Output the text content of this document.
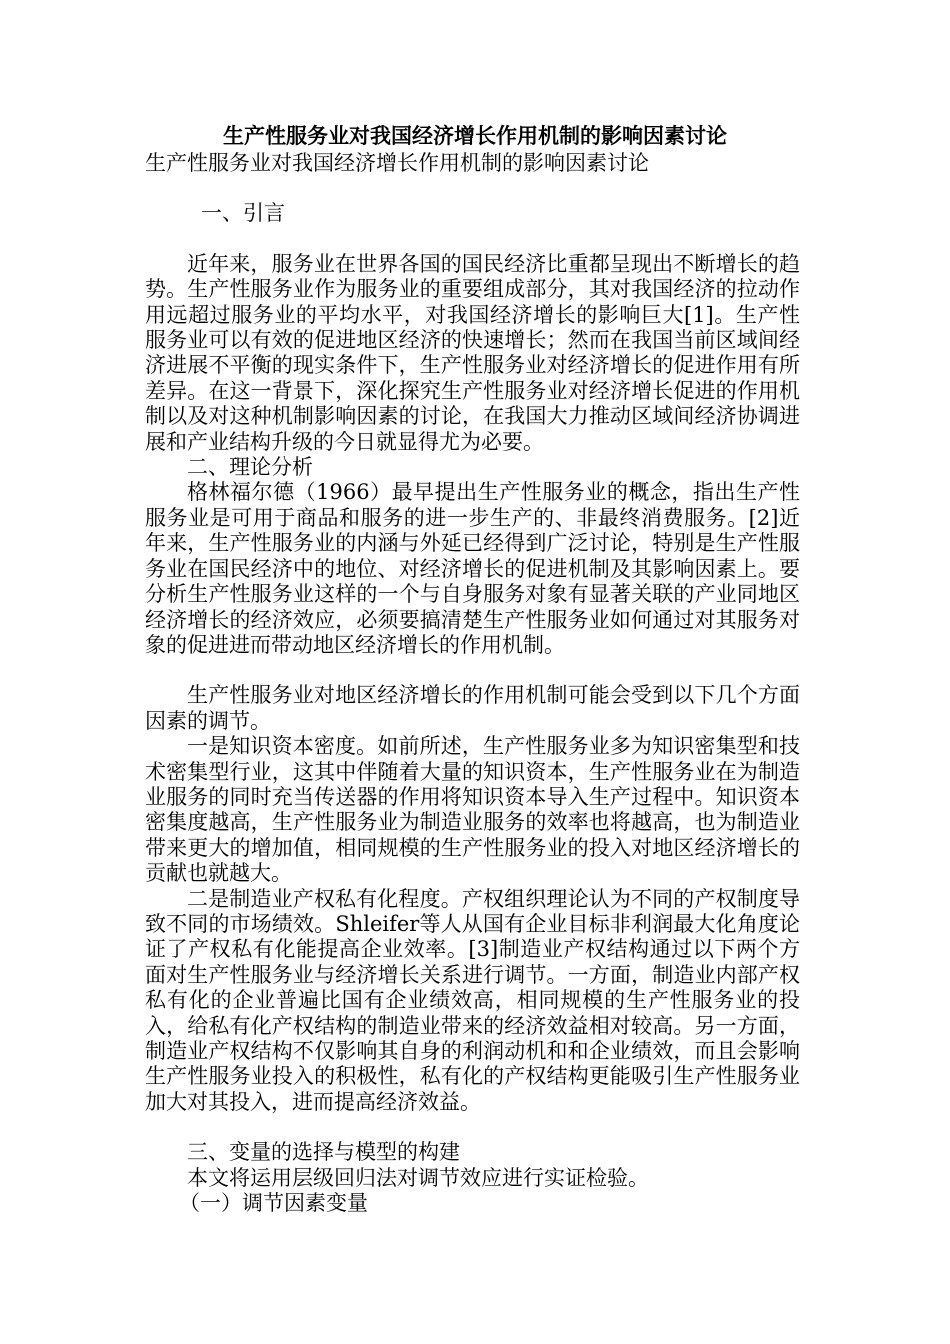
生产性服务业对我国经济增长作用机制的影响因素讨论

生产性服务业对我国经济增长作用机制的影响因素讨论

一、引言

近年来，服务业在世界各国的国民经济比重都呈现出不断增长的趋势。生产性服务业作为服务业的重要组成部分，其对我国经济的拉动作用远超过服务业的平均水平，对我国经济增长的影响巨大[1]。生产性服务业可以有效的促进地区经济的快速增长；然而在我国当前区域间经济进展不平衡的现实条件下，生产性服务业对经济增长的促进作用有所差异。在这一背景下，深化探究生产性服务业对经济增长促进的作用机制以及对这种机制影响因素的讨论，在我国大力推动区域间经济协调进展和产业结构升级的今日就显得尤为必要。

二、理论分析

格林福尔德（1966）最早提出生产性服务业的概念，指出生产性服务业是可用于商品和服务的进一步生产的、非最终消费服务。[2]近年来，生产性服务业的内涵与外延已经得到广泛讨论，特别是生产性服务业在国民经济中的地位、对经济增长的促进机制及其影响因素上。要分析生产性服务业这样的一个与自身服务对象有显著关联的产业同地区经济增长的经济效应，必须要搞清楚生产性服务业如何通过对其服务对象的促进进而带动地区经济增长的作用机制。

生产性服务业对地区经济增长的作用机制可能会受到以下几个方面因素的调节。

一是知识资本密度。如前所述，生产性服务业多为知识密集型和技术密集型行业，这其中伴随着大量的知识资本，生产性服务业在为制造业服务的同时充当传送器的作用将知识资本导入生产过程中。知识资本密集度越高，生产性服务业为制造业服务的效率也将越高，也为制造业带来更大的增加值，相同规模的生产性服务业的投入对地区经济增长的贡献也就越大。

二是制造业产权私有化程度。产权组织理论认为不同的产权制度导致不同的市场绩效。Shleifer等人从国有企业目标非利润最大化角度论证了产权私有化能提高企业效率。[3]制造业产权结构通过以下两个方面对生产性服务业与经济增长关系进行调节。一方面，制造业内部产权私有化的企业普遍比国有企业绩效高，相同规模的生产性服务业的投入，给私有化产权结构的制造业带来的经济效益相对较高。另一方面，制造业产权结构不仅影响其自身的利润动机和和企业绩效，而且会影响生产性服务业投入的积极性，私有化的产权结构更能吸引生产性服务业加大对其投入，进而提高经济效益。

三、变量的选择与模型的构建

本文将运用层级回归法对调节效应进行实证检验。

（一）调节因素变量
